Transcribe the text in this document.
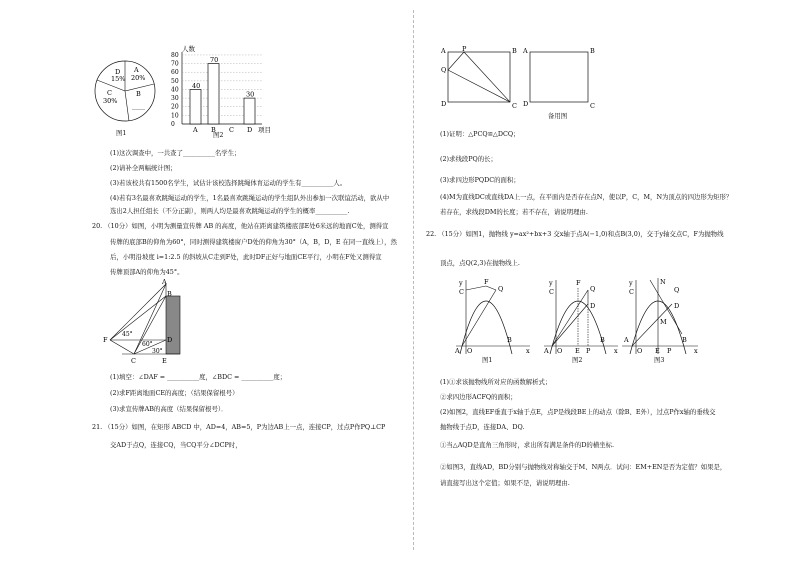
D
15%
A
20%
C
30%
B
____
图1
人数
80
70
60
50
40
30
20
10
0
40
70
30
A B C D 项目
图2
(1)这次调查中，一共查了__________名学生；
(2)请补全两幅统计图；
(3)若该校共有1500名学生，试估计该校选择跳绳体育运动的学生有__________人。
(4)若有3名最喜欢跳绳运动的学生，1名最喜欢跳绳运动的学生组队外出参加一次联谊活动，欲从中
选出2人担任组长（不分正副），则两人均是最喜欢跳绳运动的学生的概率__________.
20. （10分）如图，小明为测量宣传牌 AB 的高度，他站在距离建筑楼底部E处6米远的地面C处，测得宣
传牌的底部B的仰角为60°，同时测得建筑楼窗户D处的仰角为30°（A，B，D，E 在同一直线上），然
后，小明沿坡度 i=1:2.5 的斜坡从C走到F处，此时DF正好与地面CE平行，小明在F处又测得宣
传牌顶部A的仰角为45°。
A
B
F	D
C	E
45°
60°
30°
(1)填空：∠DAF = __________度，∠BDC = __________度；
(2)求F距离地面CE的高度；（结果保留根号）
(3)求宣传牌AB的高度（结果保留根号）．
21. （15分）如图，在矩形 ABCD 中，AD=4，AB=5，P为边AB上一点，连接CP，过点P作PQ⊥CP
交AD于点Q，连接CQ，当CQ平分∠DCP时，
A	P	B
Q
D	C
A	B
D	C
备用图
(1)证明：△PCQ≌△DCQ；
(2)求线段PQ的长；
(3)求四边形PQDC的面积；
(4)M为直线DC或直线DA上一点，在平面内是否存在点N，使以P，C，M，N为顶点的四边形为矩形？
若存在，求线段DM的长度；若不存在，请说明理由.
22. （15分）如图1，抛物线 y=ax²+bx+3 交x轴于点A(−1,0)和点B(3,0)，交于y轴交点C，F为抛物线
顶点，点Q(2,3)在抛物线上.
y
C
F
Q
A O
B
x
图1
y
C
F
Q
D
A O E P
B
x
图2
y	N
C	Q
D
M
A
O E P
B
x
图3
(1)①求该抛物线所对应的函数解析式；
②求四边形ACFQ的面积；
(2)如图2，直线EF垂直于x轴于点E，点P是线段BE上的动点（除B、E外），过点P作x轴的垂线交
抛物线于点D，连接DA、DQ.
①当△AQD是直角三角形时，求出所有满足条件的D的横坐标.
②如图3，直线AD，BD分别与抛物线对称轴交于M、N两点．试问：EM+EN是否为定值？如果是，
请直接写出这个定值；如果不是，请说明理由.
